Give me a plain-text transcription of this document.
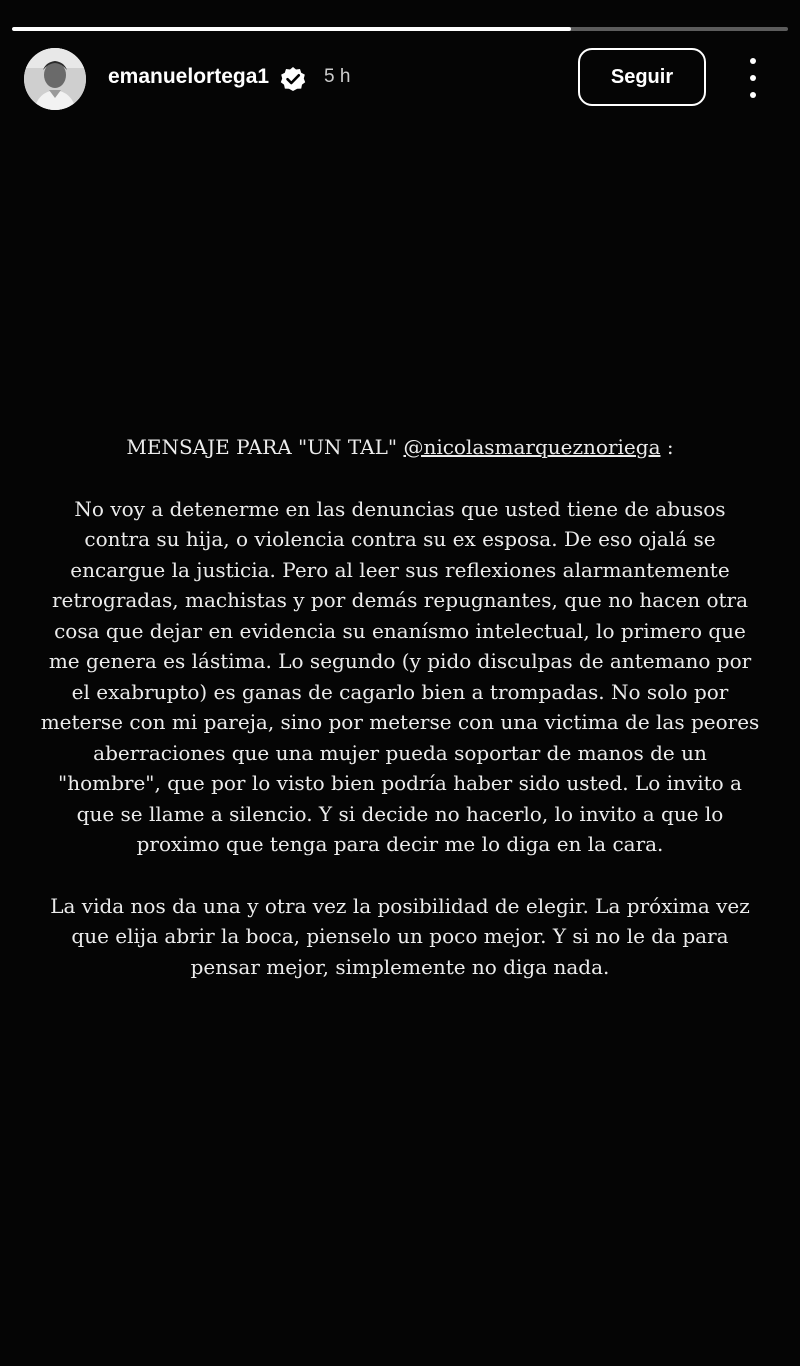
emanuelortega1	5 h	Seguir

MENSAJE PARA "UN TAL" @nicolasmarqueznoriega :

No voy a detenerme en las denuncias que usted tiene de abusos contra su hija, o violencia contra su ex esposa. De eso ojalá se encargue la justicia. Pero al leer sus reflexiones alarmantemente retrogradas, machistas y por demás repugnantes, que no hacen otra cosa que dejar en evidencia su enanísmo intelectual, lo primero que me genera es lástima. Lo segundo (y pido disculpas de antemano por el exabrupto) es ganas de cagarlo bien a trompadas. No solo por meterse con mi pareja, sino por meterse con una victima de las peores aberraciones que una mujer pueda soportar de manos de un "hombre", que por lo visto bien podría haber sido usted. Lo invito a que se llame a silencio. Y si decide no hacerlo, lo invito a que lo proximo que tenga para decir me lo diga en la cara.

La vida nos da una y otra vez la posibilidad de elegir. La próxima vez que elija abrir la boca, pienselo un poco mejor. Y si no le da para pensar mejor, simplemente no diga nada.
